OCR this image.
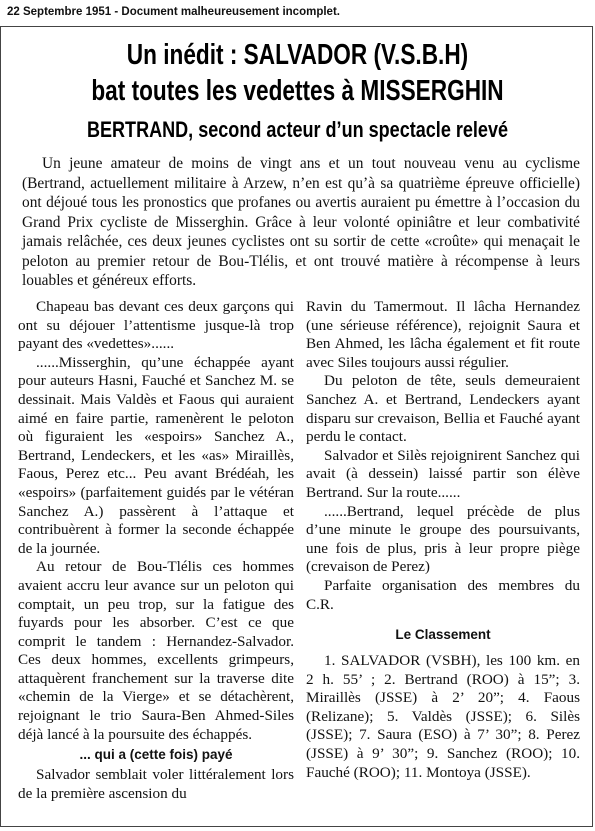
22 Septembre 1951 - Document malheureusement incomplet.
Un inédit : SALVADOR (V.S.B.H)
bat toutes les vedettes à MISSERGHIN
BERTRAND, second acteur d’un spectacle relevé
Un jeune amateur de moins de vingt ans et un tout nouveau venu au cyclisme (Bertrand, actuellement militaire à Arzew, n’en est qu’à sa quatrième épreuve officielle) ont déjoué tous les pronostics que profanes ou avertis auraient pu émettre à l’occasion du Grand Prix cycliste de Misserghin. Grâce à leur volonté opiniâtre et leur combativité jamais relâchée, ces deux jeunes cyclistes ont su sortir de cette «croûte» qui menaçait le peloton au premier retour de Bou-Tlélis, et ont trouvé matière à récompense à leurs louables et généreux efforts.

Chapeau bas devant ces deux garçons qui ont su déjouer l’attentisme jusque-là trop payant des «vedettes»......

......Misserghin, qu’une échappée ayant pour auteurs Hasni, Fauché et Sanchez M. se dessinait. Mais Valdès et Faous qui auraient aimé en faire partie, ramenèrent le peloton où figuraient les «espoirs» Sanchez A., Bertrand, Lendeckers, et les «as» Miraillès, Faous, Perez etc... Peu avant Brédéah, les «espoirs» (parfaitement guidés par le vétéran Sanchez A.) passèrent à l’attaque et contribuèrent à former la seconde échappée de la journée.

Au retour de Bou-Tlélis ces hommes avaient accru leur avance sur un peloton qui comptait, un peu trop, sur la fatigue des fuyards pour les absorber. C’est ce que comprit le tandem : Hernandez-Salvador. Ces deux hommes, excellents grimpeurs, attaquèrent franchement sur la traverse dite «chemin de la Vierge» et se détachèrent, rejoignant le trio Saura-Ben Ahmed-Siles déjà lancé à la poursuite des échappés.

... qui a (cette fois) payé

Salvador semblait voler littéralement lors de la première ascension du

Ravin du Tamermout. Il lâcha Hernandez (une sérieuse référence), rejoignit Saura et Ben Ahmed, les lâcha également et fit route avec Siles toujours aussi régulier.

Du peloton de tête, seuls demeuraient Sanchez A. et Bertrand, Lendeckers ayant disparu sur crevaison, Bellia et Fauché ayant perdu le contact.

Salvador et Silès rejoignirent Sanchez qui avait (à dessein) laissé partir son élève Bertrand. Sur la route......

......Bertrand, lequel précède de plus d’une minute le groupe des poursuivants, une fois de plus, pris à leur propre piège (crevaison de Perez)

Parfaite organisation des membres du C.R.

Le Classement

1. SALVADOR (VSBH), les 100 km. en 2 h. 55’ ; 2. Bertrand (ROO) à 15”; 3. Miraillès (JSSE) à 2’ 20”; 4. Faous (Relizane); 5. Valdès (JSSE); 6. Silès (JSSE); 7. Saura (ESO) à 7’ 30”; 8. Perez (JSSE) à 9’ 30”; 9. Sanchez (ROO); 10. Fauché (ROO); 11. Montoya (JSSE).
